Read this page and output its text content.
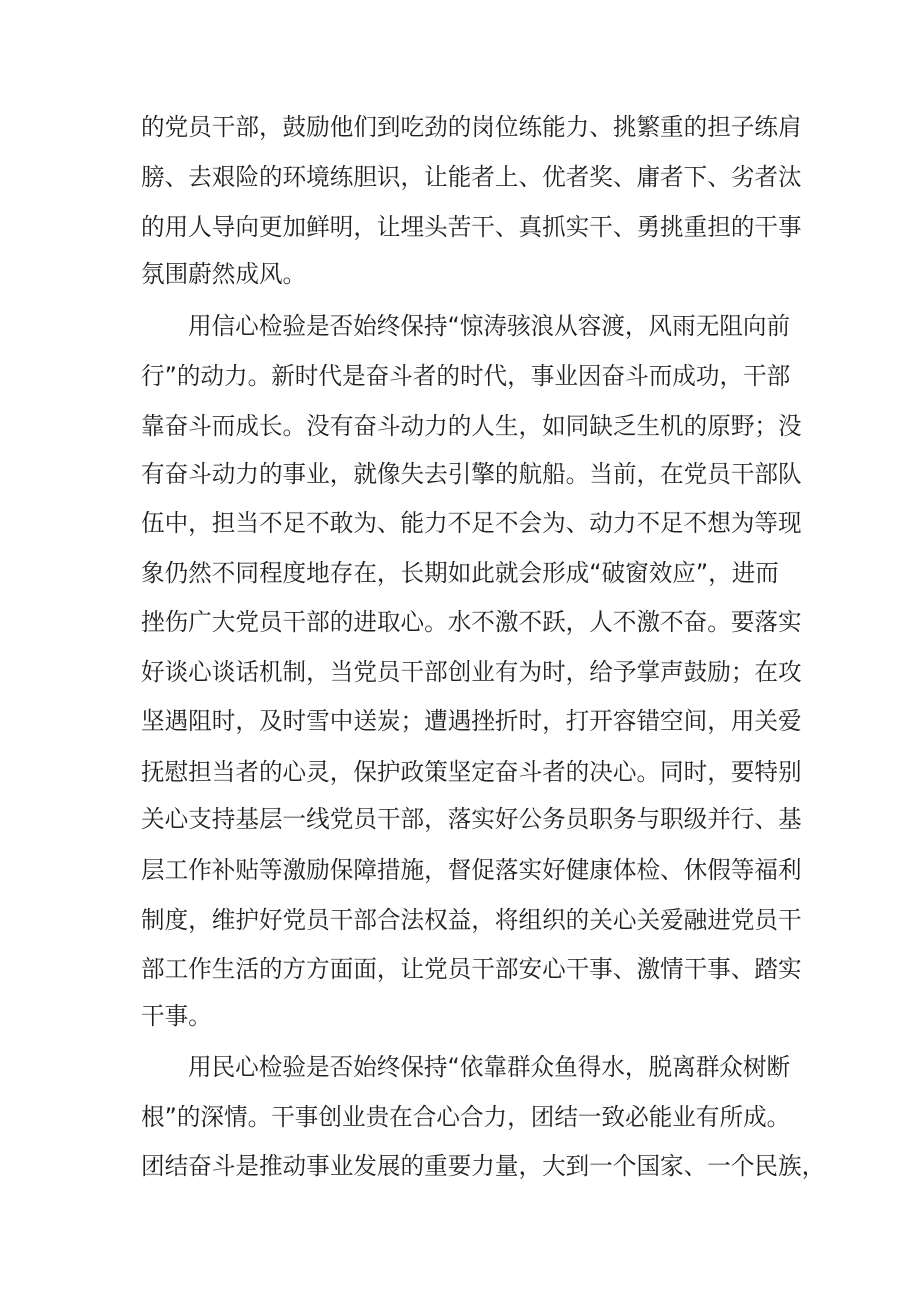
的党员干部，鼓励他们到吃劲的岗位练能力、挑繁重的担子练肩
膀、去艰险的环境练胆识，让能者上、优者奖、庸者下、劣者汰
的用人导向更加鲜明，让埋头苦干、真抓实干、勇挑重担的干事
氛围蔚然成风。
用信心检验是否始终保持“惊涛骇浪从容渡，风雨无阻向前
行”的动力。新时代是奋斗者的时代，事业因奋斗而成功，干部
靠奋斗而成长。没有奋斗动力的人生，如同缺乏生机的原野；没
有奋斗动力的事业，就像失去引擎的航船。当前，在党员干部队
伍中，担当不足不敢为、能力不足不会为、动力不足不想为等现
象仍然不同程度地存在，长期如此就会形成“破窗效应”，进而
挫伤广大党员干部的进取心。水不激不跃，人不激不奋。要落实
好谈心谈话机制，当党员干部创业有为时，给予掌声鼓励；在攻
坚遇阻时，及时雪中送炭；遭遇挫折时，打开容错空间，用关爱
抚慰担当者的心灵，保护政策坚定奋斗者的决心。同时，要特别
关心支持基层一线党员干部，落实好公务员职务与职级并行、基
层工作补贴等激励保障措施，督促落实好健康体检、休假等福利
制度，维护好党员干部合法权益，将组织的关心关爱融进党员干
部工作生活的方方面面，让党员干部安心干事、激情干事、踏实
干事。
用民心检验是否始终保持“依靠群众鱼得水，脱离群众树断
根”的深情。干事创业贵在合心合力，团结一致必能业有所成。
团结奋斗是推动事业发展的重要力量，大到一个国家、一个民族，
